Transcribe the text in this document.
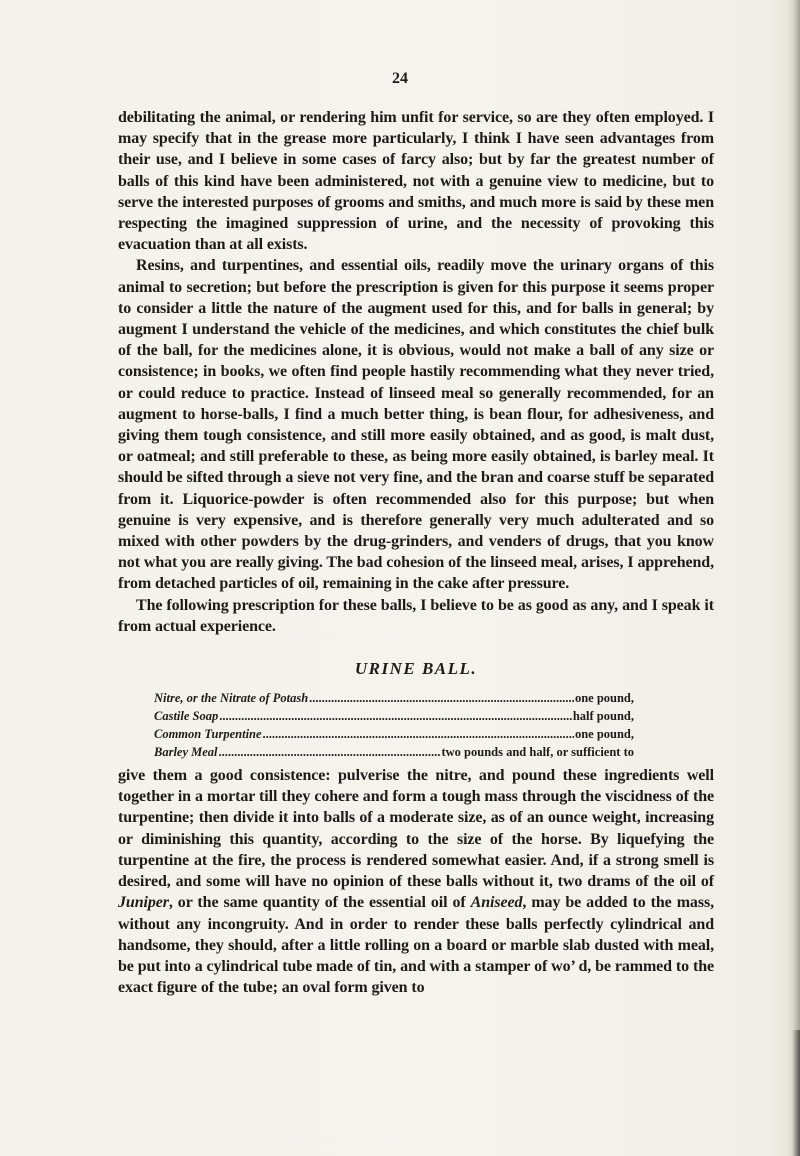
24

debilitating the animal, or rendering him unfit for service, so are they often employed. I may specify that in the grease more particularly, I think I have seen advantages from their use, and I believe in some cases of farcy also; but by far the greatest number of balls of this kind have been administered, not with a genuine view to medicine, but to serve the interested purposes of grooms and smiths, and much more is said by these men respecting the imagined suppression of urine, and the necessity of provoking this evacuation than at all exists.

Resins, and turpentines, and essential oils, readily move the urinary organs of this animal to secretion; but before the prescription is given for this purpose it seems proper to consider a little the nature of the augment used for this, and for balls in general; by augment I understand the vehicle of the medicines, and which constitutes the chief bulk of the ball, for the medicines alone, it is obvious, would not make a ball of any size or consistence; in books, we often find people hastily recommending what they never tried, or could reduce to practice. Instead of linseed meal so generally recommended, for an augment to horse-balls, I find a much better thing, is bean flour, for adhesiveness, and giving them tough consistence, and still more easily obtained, and as good, is malt dust, or oatmeal; and still preferable to these, as being more easily obtained, is barley meal. It should be sifted through a sieve not very fine, and the bran and coarse stuff be separated from it. Liquorice-powder is often recommended also for this purpose; but when genuine is very expensive, and is therefore generally very much adulterated and so mixed with other powders by the drug-grinders, and venders of drugs, that you know not what you are really giving. The bad cohesion of the linseed meal, arises, I apprehend, from detached particles of oil, remaining in the cake after pressure.

The following prescription for these balls, I believe to be as good as any, and I speak it from actual experience.

URINE BALL.
Nitre, or the Nitrate of Potash .....	one pound,
Castile Soap .....	half pound,
Common Turpentine .....	one pound,
Barley Meal .....	two pounds and half, or sufficient to

give them a good consistence: pulverise the nitre, and pound these ingredients well together in a mortar till they cohere and form a tough mass through the viscidness of the turpentine; then divide it into balls of a moderate size, as of an ounce weight, increasing or diminishing this quantity, according to the size of the horse. By liquefying the turpentine at the fire, the process is rendered somewhat easier. And, if a strong smell is desired, and some will have no opinion of these balls without it, two drams of the oil of Juniper, or the same quantity of the essential oil of Aniseed, may be added to the mass, without any incongruity. And in order to render these balls perfectly cylindrical and handsome, they should, after a little rolling on a board or marble slab dusted with meal, be put into a cylindrical tube made of tin, and with a stamper of wo’ d, be rammed to the exact figure of the tube; an oval form given to
